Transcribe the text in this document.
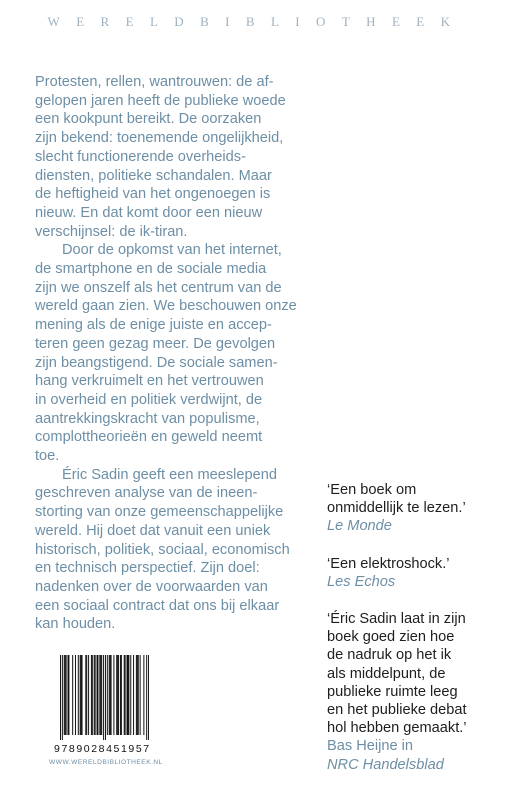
WERELDBIBLIOTHEEK

Protesten, rellen, wantrouwen: de af-
gelopen jaren heeft de publieke woede
een kookpunt bereikt. De oorzaken
zijn bekend: toenemende ongelijkheid,
slecht functionerende overheids-
diensten, politieke schandalen. Maar
de heftigheid van het ongenoegen is
nieuw. En dat komt door een nieuw
verschijnsel: de ik-tiran.

Door de opkomst van het internet,
de smartphone en de sociale media
zijn we onszelf als het centrum van de
wereld gaan zien. We beschouwen onze
mening als de enige juiste en accep-
teren geen gezag meer. De gevolgen
zijn beangstigend. De sociale samen-
hang verkruimelt en het vertrouwen
in overheid en politiek verdwijnt, de
aantrekkingskracht van populisme,
complottheorieën en geweld neemt
toe.

Éric Sadin geeft een meeslepend
geschreven analyse van de ineen-
storting van onze gemeenschappelijke
wereld. Hij doet dat vanuit een uniek
historisch, politiek, sociaal, economisch
en technisch perspectief. Zijn doel:
nadenken over de voorwaarden van
een sociaal contract dat ons bij elkaar
kan houden.

‘Een boek om
onmiddellijk te lezen.’
Le Monde
‘Een elektroshock.’
Les Echos
‘Éric Sadin laat in zijn
boek goed zien hoe
de nadruk op het ik
als middelpunt, de
publieke ruimte leeg
en het publieke debat
hol hebben gemaakt.’
Bas Heijne in
NRC Handelsblad
9789028451957
WWW.WERELDBIBLIOTHEEK.NL
